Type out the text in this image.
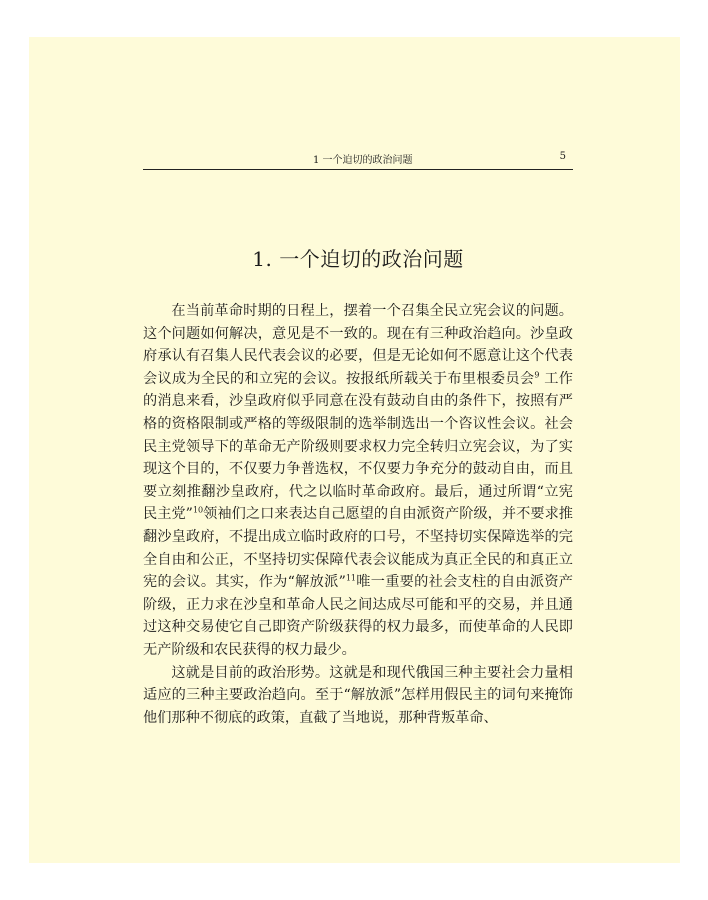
1 一个迫切的政治问题	5
1. 一个迫切的政治问题

在当前革命时期的日程上，摆着一个召集全民立宪会议的问题。这个问题如何解决，意见是不一致的。现在有三种政治趋向。沙皇政府承认有召集人民代表会议的必要，但是无论如何不愿意让这个代表会议成为全民的和立宪的会议。按报纸所载关于布里根委员会$^9$ 工作的消息来看，沙皇政府似乎同意在没有鼓动自由的条件下，按照有严格的资格限制或严格的等级限制的选举制选出一个咨议性会议。社会民主党领导下的革命无产阶级则要求权力完全转归立宪会议，为了实现这个目的，不仅要力争普选权，不仅要力争充分的鼓动自由，而且要立刻推翻沙皇政府，代之以临时革命政府。最后，通过所谓“立宪民主党”$^{10}$领袖们之口来表达自己愿望的自由派资产阶级，并不要求推翻沙皇政府，不提出成立临时政府的口号，不坚持切实保障选举的完全自由和公正，不坚持切实保障代表会议能成为真正全民的和真正立宪的会议。其实，作为“解放派”$^{11}$唯一重要的社会支柱的自由派资产阶级，正力求在沙皇和革命人民之间达成尽可能和平的交易，并且通过这种交易使它自己即资产阶级获得的权力最多，而使革命的人民即无产阶级和农民获得的权力最少。

这就是目前的政治形势。这就是和现代俄国三种主要社会力量相适应的三种主要政治趋向。至于“解放派”怎样用假民主的词句来掩饰他们那种不彻底的政策，直截了当地说，那种背叛革命、
